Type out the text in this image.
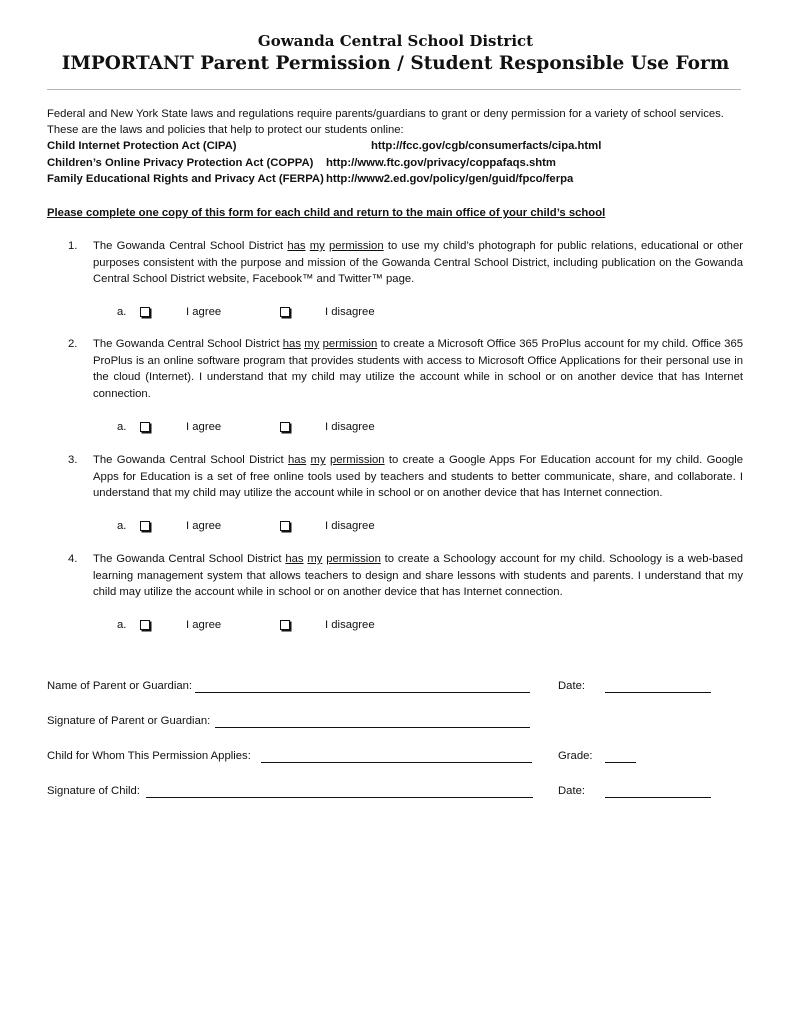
Gowanda Central School District
IMPORTANT Parent Permission / Student Responsible Use Form
Federal and New York State laws and regulations require parents/guardians to grant or deny permission for a variety of school services.
These are the laws and policies that help to protect our students online:
Child Internet Protection Act (CIPA)	http://fcc.gov/cgb/consumerfacts/cipa.html
Children’s Online Privacy Protection Act (COPPA) http://www.ftc.gov/privacy/coppafaqs.shtm
Family Educational Rights and Privacy Act (FERPA) http://www2.ed.gov/policy/gen/guid/fpco/ferpa
Please complete one copy of this form for each child and return to the main office of your child’s school
1. The Gowanda Central School District has my permission to use my child’s photograph for public relations, educational or other purposes consistent with the purpose and mission of the Gowanda Central School District, including publication on the Gowanda Central School District website, Facebook™ and Twitter™ page.
a.	I agree	I disagree
2. The Gowanda Central School District has my permission to create a Microsoft Office 365 ProPlus account for my child. Office 365 ProPlus is an online software program that provides students with access to Microsoft Office Applications for their personal use in the cloud (Internet). I understand that my child may utilize the account while in school or on another device that has Internet connection.
a.	I agree	I disagree
3. The Gowanda Central School District has my permission to create a Google Apps For Education account for my child. Google Apps for Education is a set of free online tools used by teachers and students to better communicate, share, and collaborate. I understand that my child may utilize the account while in school or on another device that has Internet connection.
a.	I agree	I disagree
4. The Gowanda Central School District has my permission to create a Schoology account for my child. Schoology is a web-based learning management system that allows teachers to design and share lessons with students and parents. I understand that my child may utilize the account while in school or on another device that has Internet connection.
a.	I agree	I disagree
Name of Parent or Guardian:	Date:
Signature of Parent or Guardian:
Child for Whom This Permission Applies:	Grade:
Signature of Child:	Date:
